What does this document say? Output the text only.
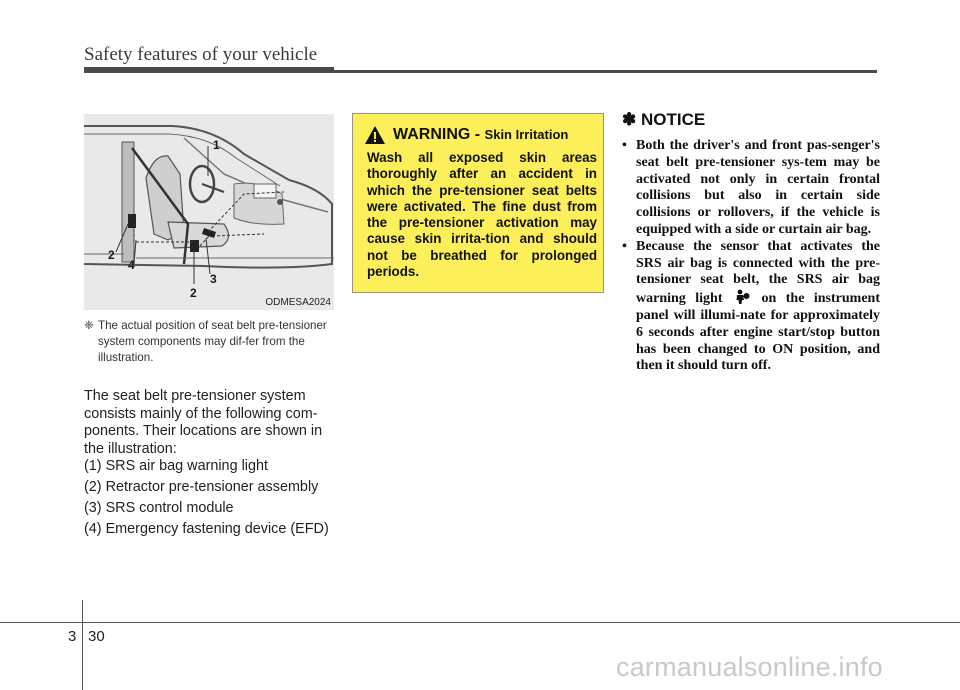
Safety features of your vehicle
1
2
4
3
2
ODMESA2024
❈ The actual position of seat belt pre-tensioner system components may dif-fer from the illustration.

The seat belt pre-tensioner system consists mainly of the following com-ponents. Their locations are shown in the illustration:

(1) SRS air bag warning light
(2) Retractor pre-tensioner assembly
(3) SRS control module
(4) Emergency fastening device (EFD)
WARNING - Skin Irritation

Wash all exposed skin areas thoroughly after an accident in which the pre-tensioner seat belts were activated. The fine dust from the pre-tensioner activation may cause skin irrita-tion and should not be breathed for prolonged periods.

✽ NOTICE
• Both the driver's and front pas-senger's seat belt pre-tensioner sys-tem may be activated not only in certain frontal collisions but also in certain side collisions or rollovers, if the vehicle is equipped with a side or curtain air bag.
• Because the sensor that activates the SRS air bag is connected with the pre-tensioner seat belt, the SRS air bag warning light	on the instrument panel will illumi-nate for approximately 6 seconds after engine start/stop button has been changed to ON position, and then it should turn off.
3 30
carmanualsonline.info
